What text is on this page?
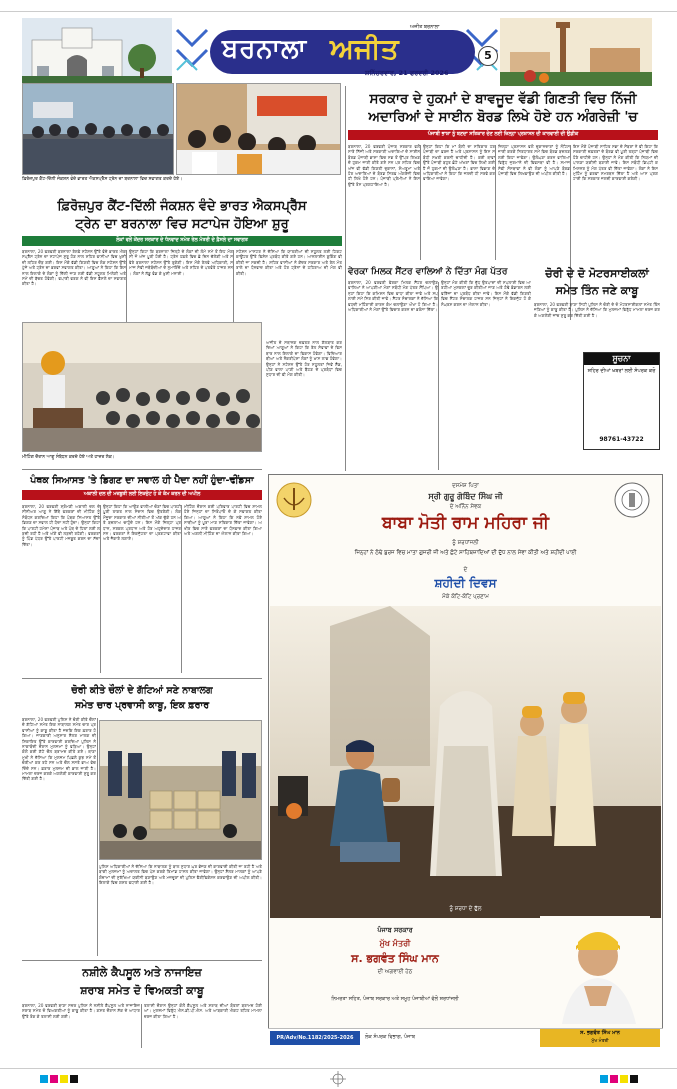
ਬਰਨਾਲਾ ਅਜੀਤ
ਅਜੀਤ ਬਰਨਾਲਾ
ਸ਼ਨਿੱਚਰਵਾਰ, 21 ਫਰਵਰੀ 2026
5
ਫ਼ਿਰੋਜ਼ਪੁਰ ਕੈਂਟ-ਦਿੱਲੀ ਜੰਕਸ਼ਨ ਵੰਦੇ ਭਾਰਤ ਐਕਸਪ੍ਰੈੱਸ ਟ੍ਰੇਨ ਦਾ ਬਰਨਾਲਾ ਵਿਚ ਸਵਾਗਤ ਕਰਦੇ ਹੋਏ।
ਫ਼ਿਰੋਜ਼ਪੁਰ ਕੈਂਟ-ਦਿੱਲੀ ਜੰਕਸ਼ਨ ਵੰਦੇ ਭਾਰਤ ਐਕਸਪ੍ਰੈੱਸ
ਟ੍ਰੇਨ ਦਾ ਬਰਨਾਲਾ ਵਿਚ ਸਟਾਪੇਜ ਹੋਇਆ ਸ਼ੁਰੂ
ਲੋਕਾਂ ਵਲੋਂ ਕੇਂਦਰ ਸਰਕਾਰ ਦੇ ਧੰਨਵਾਦ ਸਮੇਤ ਰੇਲ ਮੰਤਰੀ ਦੇ ਫ਼ੈਸਲੇ ਦਾ ਸਵਾਗਤ

ਬਰਨਾਲਾ, 20 ਫਰਵਰੀ ਬਰਨਾਲਾ ਰੇਲਵੇ ਸਟੇਸ਼ਨ ਉੱਤੇ ਵੰਦੇ ਭਾਰਤ ਐਕਸਪ੍ਰੈੱਸ ਟ੍ਰੇਨ ਦਾ ਸਟਾਪੇਜ ਸ਼ੁਰੂ ਹੋਣ ਨਾਲ ਸ਼ਹਿਰ ਵਾਸੀਆਂ ਵਿਚ ਖ਼ੁਸ਼ੀ ਦੀ ਲਹਿਰ ਦੌੜ ਗਈ। ਇਸ ਮੌਕੇ ਵੱਡੀ ਗਿਣਤੀ ਵਿਚ ਲੋਕ ਸਟੇਸ਼ਨ ਉੱਤੇ ਪੁੱਜੇ ਅਤੇ ਟ੍ਰੇਨ ਦਾ ਭਰਵਾਂ ਸਵਾਗਤ ਕੀਤਾ। ਆਗੂਆਂ ਨੇ ਕਿਹਾ ਕਿ ਇਸ ਨਾਲ ਇਲਾਕੇ ਦੇ ਲੋਕਾਂ ਨੂੰ ਦਿੱਲੀ ਜਾਣ ਲਈ ਵੱਡੀ ਸਹੂਲਤ ਮਿਲੇਗੀ ਅਤੇ ਸਮੇਂ ਦੀ ਬੱਚਤ ਹੋਵੇਗੀ। ਵਪਾਰੀ ਵਰਗ ਨੇ ਵੀ ਇਸ ਫ਼ੈਸਲੇ ਦਾ ਸਵਾਗਤ ਕੀਤਾ ਹੈ।

ਉਨ੍ਹਾਂ ਕਿਹਾ ਕਿ ਬਰਨਾਲਾ ਜ਼ਿਲ੍ਹੇ ਦੇ ਲੋਕਾਂ ਦੀ ਲੰਮੇ ਸਮੇਂ ਤੋਂ ਇਹ ਮੰਗ ਸੀ ਜੋ ਅੱਜ ਪੂਰੀ ਹੋਈ ਹੈ। ਟ੍ਰੇਨ ਹਫ਼ਤੇ ਵਿਚ ਛੇ ਦਿਨ ਚੱਲੇਗੀ ਅਤੇ ਸਵੇਰੇ ਬਰਨਾਲਾ ਸਟੇਸ਼ਨ ਉੱਤੇ ਰੁਕੇਗੀ। ਇਸ ਮੌਕੇ ਰੇਲਵੇ ਅਧਿਕਾਰੀ, ਸਮਾਜ ਸੇਵੀ ਜਥੇਬੰਦੀਆਂ ਦੇ ਨੁਮਾਇੰਦੇ ਅਤੇ ਸ਼ਹਿਰ ਦੇ ਪਤਵੰਤੇ ਹਾਜ਼ਰ ਸਨ। ਲੋਕਾਂ ਨੇ ਲੱਡੂ ਵੰਡ ਕੇ ਖ਼ੁਸ਼ੀ ਮਨਾਈ।

ਸਟੇਸ਼ਨ ਮਾਸਟਰ ਨੇ ਦੱਸਿਆ ਕਿ ਯਾਤਰੀਆਂ ਦੀ ਸਹੂਲਤ ਲਈ ਟਿਕਟ ਕਾਊਂਟਰ ਉੱਤੇ ਵਿਸ਼ੇਸ਼ ਪ੍ਰਬੰਧ ਕੀਤੇ ਗਏ ਹਨ। ਆਨਲਾਈਨ ਬੁਕਿੰਗ ਵੀ ਕੀਤੀ ਜਾ ਸਕਦੀ ਹੈ। ਸ਼ਹਿਰ ਵਾਸੀਆਂ ਨੇ ਕੇਂਦਰ ਸਰਕਾਰ ਅਤੇ ਰੇਲ ਮੰਤਰਾਲੇ ਦਾ ਧੰਨਵਾਦ ਕੀਤਾ ਅਤੇ ਹੋਰ ਟ੍ਰੇਨਾਂ ਦੇ ਠਹਿਰਾਅ ਦੀ ਮੰਗ ਵੀ ਕੀਤੀ।

ਮੀਟਿੰਗ ਦੌਰਾਨ ਆਗੂ ਸੰਬੋਧਨ ਕਰਦੇ ਹੋਏ ਅਤੇ ਹਾਜ਼ਰ ਲੋਕ।

ਅਜੀਤ ਦੇ ਸਥਾਨਕ ਦਫ਼ਤਰ ਨਾਲ ਗੱਲਬਾਤ ਕਰਦਿਆਂ ਆਗੂਆਂ ਨੇ ਕਿਹਾ ਕਿ ਰੇਲ ਸੇਵਾਵਾਂ ਦੇ ਵਿਸਥਾਰ ਨਾਲ ਇਲਾਕੇ ਦਾ ਵਿਕਾਸ ਹੋਵੇਗਾ। ਵਿਦਿਆਰਥੀਆਂ ਅਤੇ ਨੌਕਰੀਪੇਸ਼ਾ ਲੋਕਾਂ ਨੂੰ ਖ਼ਾਸ ਲਾਭ ਹੋਵੇਗਾ। ਉਨ੍ਹਾਂ ਨੇ ਸਟੇਸ਼ਨ ਉੱਤੇ ਹੋਰ ਸਹੂਲਤਾਂ ਜਿਵੇਂ ਸ਼ੈੱਡ, ਪੀਣ ਵਾਲਾ ਪਾਣੀ ਅਤੇ ਬੈਠਣ ਦੇ ਪ੍ਰਬੰਧਾਂ ਵਿਚ ਸੁਧਾਰ ਦੀ ਵੀ ਮੰਗ ਕੀਤੀ।

ਸਰਕਾਰ ਦੇ ਹੁਕਮਾਂ ਦੇ ਬਾਵਜੂਦ ਵੱਡੀ ਗਿਣਤੀ ਵਿਚ ਨਿੱਜੀ
ਅਦਾਰਿਆਂ ਦੇ ਸਾਈਨ ਬੋਰਡ ਲਿਖੇ ਹੋਏ ਹਨ ਅੰਗਰੇਜ਼ੀ 'ਚ
ਪੰਜਾਬੀ ਭਾਸ਼ਾ ਨੂੰ ਬਣਦਾ ਸਤਿਕਾਰ ਦੇਣ ਲਈ ਜ਼ਿਲ੍ਹਾ ਪ੍ਰਸ਼ਾਸਨ ਦੀ ਕਾਰਵਾਈ ਦੀ ਉਡੀਕ

ਬਰਨਾਲਾ, 20 ਫਰਵਰੀ ਪੰਜਾਬ ਸਰਕਾਰ ਵਲੋਂ ਸਾਰੇ ਨਿੱਜੀ ਅਤੇ ਸਰਕਾਰੀ ਅਦਾਰਿਆਂ ਦੇ ਸਾਈਨ ਬੋਰਡ ਪੰਜਾਬੀ ਭਾਸ਼ਾ ਵਿਚ ਸਭ ਤੋਂ ਉੱਪਰ ਲਿਖਣ ਦੇ ਹੁਕਮ ਜਾਰੀ ਕੀਤੇ ਗਏ ਸਨ ਪਰ ਸ਼ਹਿਰ ਵਿਚ ਅੱਜ ਵੀ ਵੱਡੀ ਗਿਣਤੀ ਦੁਕਾਨਾਂ, ਸ਼ੋਅਰੂਮਾਂ ਅਤੇ ਹੋਰ ਅਦਾਰਿਆਂ ਦੇ ਬੋਰਡ ਸਿਰਫ਼ ਅੰਗਰੇਜ਼ੀ ਵਿਚ ਹੀ ਲਿਖੇ ਹੋਏ ਹਨ। ਪੰਜਾਬੀ ਪ੍ਰੇਮੀਆਂ ਨੇ ਇਸ ਉੱਤੇ ਰੋਸ ਪ੍ਰਗਟਾਇਆ ਹੈ।

ਉਨ੍ਹਾਂ ਕਿਹਾ ਕਿ ਮਾਂ ਬੋਲੀ ਦਾ ਸਤਿਕਾਰ ਹਰ ਪੰਜਾਬੀ ਦਾ ਫ਼ਰਜ਼ ਹੈ ਅਤੇ ਪ੍ਰਸ਼ਾਸਨ ਨੂੰ ਇਸ ਸਬੰਧੀ ਸਖ਼ਤੀ ਕਰਨੀ ਚਾਹੀਦੀ ਹੈ। ਕਈ ਥਾਵਾਂ ਉੱਤੇ ਪੰਜਾਬੀ ਬਹੁਤ ਛੋਟੇ ਅੱਖਰਾਂ ਵਿਚ ਲਿਖੀ ਗਈ ਹੈ ਜੋ ਹੁਕਮਾਂ ਦੀ ਉਲੰਘਣਾ ਹੈ। ਭਾਸ਼ਾ ਵਿਭਾਗ ਦੇ ਅਧਿਕਾਰੀਆਂ ਨੇ ਕਿਹਾ ਕਿ ਜਲਦੀ ਹੀ ਸਰਵੇ ਕਰਵਾਇਆ ਜਾਵੇਗਾ।

ਜ਼ਿਲ੍ਹਾ ਪ੍ਰਸ਼ਾਸਨ ਵਲੋਂ ਦੁਕਾਨਦਾਰਾਂ ਨੂੰ ਨੋਟਿਸ ਜਾਰੀ ਕਰਕੇ ਨਿਰਧਾਰਤ ਸਮੇਂ ਵਿਚ ਬੋਰਡ ਬਦਲਣ ਲਈ ਕਿਹਾ ਜਾਵੇਗਾ। ਉਲੰਘਣਾ ਕਰਨ ਵਾਲਿਆਂ ਵਿਰੁੱਧ ਜੁਰਮਾਨੇ ਦੀ ਵਿਵਸਥਾ ਵੀ ਹੈ। ਸਮਾਜ ਸੇਵੀ ਸੰਸਥਾਵਾਂ ਨੇ ਵੀ ਲੋਕਾਂ ਨੂੰ ਆਪਣੇ ਬੋਰਡ ਪੰਜਾਬੀ ਵਿਚ ਲਿਖਵਾਉਣ ਦੀ ਅਪੀਲ ਕੀਤੀ ਹੈ।

ਇਸ ਮੌਕੇ ਪੰਜਾਬੀ ਸਾਹਿਤ ਸਭਾ ਦੇ ਮੈਂਬਰਾਂ ਨੇ ਵੀ ਕਿਹਾ ਕਿ ਸਰਕਾਰੀ ਦਫ਼ਤਰਾਂ ਦੇ ਬੋਰਡ ਵੀ ਪੂਰੀ ਤਰ੍ਹਾਂ ਪੰਜਾਬੀ ਵਿਚ ਹੋਣੇ ਚਾਹੀਦੇ ਹਨ। ਉਨ੍ਹਾਂ ਨੇ ਮੰਗ ਕੀਤੀ ਕਿ ਨਿਯਮਾਂ ਦੀ ਪਾਲਣਾ ਯਕੀਨੀ ਬਣਾਈ ਜਾਵੇ। ਇਸ ਸਬੰਧੀ ਡਿਪਟੀ ਕਮਿਸ਼ਨਰ ਨੂੰ ਮੰਗ ਪੱਤਰ ਵੀ ਦਿੱਤਾ ਜਾਵੇਗਾ। ਲੋਕਾਂ ਨੇ ਇਸ ਮੁਹਿੰਮ ਨੂੰ ਭਰਵਾਂ ਸਮਰਥਨ ਦਿੱਤਾ ਹੈ ਅਤੇ ਆਸ ਪ੍ਰਗਟਾਈ ਕਿ ਸਰਕਾਰ ਜਲਦੀ ਕਾਰਵਾਈ ਕਰੇਗੀ।

ਵੇਰਕਾ ਮਿਲਕ ਸੈਂਟਰ ਵਾਲਿਆਂ ਨੇ ਦਿੱਤਾ ਮੰਗ ਪੱਤਰ

ਬਰਨਾਲਾ, 20 ਫਰਵਰੀ ਵੇਰਕਾ ਮਿਲਕ ਸੈਂਟਰ ਚਲਾਉਣ ਵਾਲਿਆਂ ਨੇ ਆਪਣੀਆਂ ਮੰਗਾਂ ਸਬੰਧੀ ਮੰਗ ਪੱਤਰ ਸੌਂਪਿਆ। ਉਨ੍ਹਾਂ ਕਿਹਾ ਕਿ ਕਮਿਸ਼ਨ ਵਿਚ ਵਾਧਾ ਕੀਤਾ ਜਾਵੇ ਅਤੇ ਸਪਲਾਈ ਸਮੇਂ ਸਿਰ ਕੀਤੀ ਜਾਵੇ। ਸੈਂਟਰ ਸੰਚਾਲਕਾਂ ਨੇ ਦੱਸਿਆ ਕਿ ਵਧਦੀ ਮਹਿੰਗਾਈ ਕਾਰਨ ਕੰਮ ਚਲਾਉਣਾ ਔਖਾ ਹੋ ਗਿਆ ਹੈ। ਅਧਿਕਾਰੀਆਂ ਨੇ ਮੰਗਾਂ ਉੱਤੇ ਵਿਚਾਰ ਕਰਨ ਦਾ ਭਰੋਸਾ ਦਿੱਤਾ।

ਉਨ੍ਹਾਂ ਮੰਗ ਕੀਤੀ ਕਿ ਦੁੱਧ ਉਤਪਾਦਾਂ ਦੀ ਸਪਲਾਈ ਵਿਚ ਆ ਰਹੀਆਂ ਮੁਸ਼ਕਲਾਂ ਦੂਰ ਕੀਤੀਆਂ ਜਾਣ ਅਤੇ ਠੰਢੇ ਭੰਡਾਰਨ ਲਈ ਫਰਿੱਜਾਂ ਦਾ ਪ੍ਰਬੰਧ ਕੀਤਾ ਜਾਵੇ। ਇਸ ਮੌਕੇ ਵੱਡੀ ਗਿਣਤੀ ਵਿਚ ਸੈਂਟਰ ਸੰਚਾਲਕ ਹਾਜ਼ਰ ਸਨ ਜਿਨ੍ਹਾਂ ਨੇ ਇਕਜੁੱਟ ਹੋ ਕੇ ਸੰਘਰਸ਼ ਕਰਨ ਦਾ ਐਲਾਨ ਕੀਤਾ।

ਚੋਰੀ ਦੇ ਦੋ ਮੋਟਰਸਾਈਕਲਾਂ
ਸਮੇਤ ਤਿੰਨ ਜਣੇ ਕਾਬੂ

ਬਰਨਾਲਾ, 20 ਫਰਵਰੀ ਥਾਣਾ ਸਿਟੀ ਪੁਲਿਸ ਨੇ ਚੋਰੀ ਦੇ ਦੋ ਮੋਟਰਸਾਈਕਲਾਂ ਸਮੇਤ ਤਿੰਨ ਜਣਿਆਂ ਨੂੰ ਕਾਬੂ ਕੀਤਾ ਹੈ। ਪੁਲਿਸ ਨੇ ਦੱਸਿਆ ਕਿ ਮੁਲਜ਼ਮਾਂ ਵਿਰੁੱਧ ਮਾਮਲਾ ਦਰਜ ਕਰਕੇ ਅਗਲੇਰੀ ਜਾਂਚ ਸ਼ੁਰੂ ਕਰ ਦਿੱਤੀ ਗਈ ਹੈ।

ਸੂਚਨਾ
ਸ਼ਹਿਰ ਦੀਆਂ ਖ਼ਬਰਾਂ ਲਈ ਸੰਪਰਕ ਕਰੋ
98761-43722
ਪੰਥਕ ਸਿਆਸਤ 'ਤੇ ਡਿਗਣ ਦਾ ਸਵਾਲ ਹੀ ਪੈਦਾ ਨਹੀਂ ਹੁੰਦਾ-ਢੀਂਡਸਾ
ਅਕਾਲੀ ਦਲ ਦੀ ਮਜ਼ਬੂਤੀ ਲਈ ਇਕਜੁੱਟ ਹੋ ਕੇ ਕੰਮ ਕਰਨ ਦੀ ਅਪੀਲ

ਬਰਨਾਲਾ, 20 ਫਰਵਰੀ ਸ਼੍ਰੋਮਣੀ ਅਕਾਲੀ ਦਲ ਦੇ ਸੀਨੀਅਰ ਆਗੂ ਨੇ ਇੱਥੇ ਵਰਕਰਾਂ ਦੀ ਮੀਟਿੰਗ ਨੂੰ ਸੰਬੋਧਨ ਕਰਦਿਆਂ ਕਿਹਾ ਕਿ ਪੰਥਕ ਸਿਆਸਤ ਉੱਤੇ ਡਿਗਣ ਦਾ ਸਵਾਲ ਹੀ ਪੈਦਾ ਨਹੀਂ ਹੁੰਦਾ। ਉਨ੍ਹਾਂ ਕਿਹਾ ਕਿ ਪਾਰਟੀ ਹਮੇਸ਼ਾ ਪੰਜਾਬ ਅਤੇ ਪੰਥ ਦੇ ਹਿਤਾਂ ਲਈ ਲੜਦੀ ਰਹੀ ਹੈ ਅਤੇ ਅੱਗੇ ਵੀ ਲੜਦੀ ਰਹੇਗੀ। ਵਰਕਰਾਂ ਨੂੰ ਪਿੰਡ ਪੱਧਰ ਉੱਤੇ ਪਾਰਟੀ ਮਜ਼ਬੂਤ ਕਰਨ ਦਾ ਸੱਦਾ ਦਿੱਤਾ।

ਉਨ੍ਹਾਂ ਕਿਹਾ ਕਿ ਆਉਣ ਵਾਲੀਆਂ ਚੋਣਾਂ ਵਿਚ ਪਾਰਟੀ ਪੂਰੀ ਤਾਕਤ ਨਾਲ ਮੈਦਾਨ ਵਿਚ ਉਤਰੇਗੀ। ਲੋਕ ਮੌਜੂਦਾ ਸਰਕਾਰ ਦੀਆਂ ਨੀਤੀਆਂ ਤੋਂ ਅੱਕ ਚੁੱਕੇ ਹਨ ਅਤੇ ਬਦਲਾਅ ਚਾਹੁੰਦੇ ਹਨ। ਇਸ ਮੌਕੇ ਜ਼ਿਲ੍ਹਾ ਪ੍ਰਧਾਨ, ਸਰਕਲ ਪ੍ਰਧਾਨ ਅਤੇ ਹੋਰ ਅਹੁਦੇਦਾਰ ਹਾਜ਼ਰ ਸਨ। ਵਰਕਰਾਂ ਨੇ ਇਕਜੁੱਟਤਾ ਦਾ ਪ੍ਰਗਟਾਵਾ ਕੀਤਾ ਅਤੇ ਜੈਕਾਰੇ ਲਗਾਏ।

ਮੀਟਿੰਗ ਦੌਰਾਨ ਕਈ ਪਰਿਵਾਰ ਪਾਰਟੀ ਵਿਚ ਸ਼ਾਮਲ ਹੋਏ ਜਿਨ੍ਹਾਂ ਦਾ ਸਿਰੋਪਾਓ ਦੇ ਕੇ ਸਵਾਗਤ ਕੀਤਾ ਗਿਆ। ਆਗੂਆਂ ਨੇ ਕਿਹਾ ਕਿ ਨਵੇਂ ਸ਼ਾਮਲ ਹੋਏ ਸਾਥੀਆਂ ਨੂੰ ਪੂਰਾ ਮਾਣ ਸਤਿਕਾਰ ਦਿੱਤਾ ਜਾਵੇਗਾ। ਅਖੀਰ ਵਿਚ ਸਾਰੇ ਵਰਕਰਾਂ ਦਾ ਧੰਨਵਾਦ ਕੀਤਾ ਗਿਆ ਅਤੇ ਅਗਲੀ ਮੀਟਿੰਗ ਦਾ ਐਲਾਨ ਕੀਤਾ ਗਿਆ।

ਚੋਰੀ ਕੀਤੇ ਚੌਲਾਂ ਦੇ ਗੱਟਿਆਂ ਸਣੇ ਨਾਬਾਲਗ
ਸਮੇਤ ਚਾਰ ਪ੍ਰਵਾਸੀ ਕਾਬੂ, ਇਕ ਫ਼ਰਾਰ

ਬਰਨਾਲਾ, 20 ਫਰਵਰੀ ਪੁਲਿਸ ਨੇ ਚੋਰੀ ਕੀਤੇ ਚੌਲਾਂ ਦੇ ਗੱਟਿਆਂ ਸਮੇਤ ਇਕ ਨਾਬਾਲਗ ਸਮੇਤ ਚਾਰ ਪ੍ਰਵਾਸੀਆਂ ਨੂੰ ਕਾਬੂ ਕੀਤਾ ਹੈ ਜਦਕਿ ਇਕ ਫ਼ਰਾਰ ਹੋ ਗਿਆ। ਜਾਣਕਾਰੀ ਅਨੁਸਾਰ ਸ਼ੈਲਰ ਮਾਲਕ ਦੀ ਸ਼ਿਕਾਇਤ ਉੱਤੇ ਕਾਰਵਾਈ ਕਰਦਿਆਂ ਪੁਲਿਸ ਨੇ ਨਾਕਾਬੰਦੀ ਦੌਰਾਨ ਮੁਲਜ਼ਮਾਂ ਨੂੰ ਫੜਿਆ। ਉਨ੍ਹਾਂ ਕੋਲੋਂ ਕਈ ਗੱਟੇ ਚੌਲ ਬਰਾਮਦ ਕੀਤੇ ਗਏ। ਥਾਣਾ ਮੁਖੀ ਨੇ ਦੱਸਿਆ ਕਿ ਮੁਲਜ਼ਮ ਪਿਛਲੇ ਕੁਝ ਸਮੇਂ ਤੋਂ ਚੋਰੀਆਂ ਕਰ ਰਹੇ ਸਨ ਅਤੇ ਚੌਲ ਸਸਤੇ ਭਾਅ ਵੇਚ ਦਿੰਦੇ ਸਨ। ਫ਼ਰਾਰ ਮੁਲਜ਼ਮ ਦੀ ਭਾਲ ਜਾਰੀ ਹੈ। ਮਾਮਲਾ ਦਰਜ ਕਰਕੇ ਅਗਲੇਰੀ ਕਾਰਵਾਈ ਸ਼ੁਰੂ ਕਰ ਦਿੱਤੀ ਗਈ ਹੈ।

ਪੁਲਿਸ ਅਧਿਕਾਰੀਆਂ ਨੇ ਦੱਸਿਆ ਕਿ ਨਾਬਾਲਗ ਨੂੰ ਬਾਲ ਸੁਧਾਰ ਘਰ ਭੇਜਣ ਦੀ ਕਾਰਵਾਈ ਕੀਤੀ ਜਾ ਰਹੀ ਹੈ ਅਤੇ ਬਾਕੀ ਮੁਲਜ਼ਮਾਂ ਨੂੰ ਅਦਾਲਤ ਵਿਚ ਪੇਸ਼ ਕਰਕੇ ਰਿਮਾਂਡ ਹਾਸਲ ਕੀਤਾ ਜਾਵੇਗਾ। ਉਨ੍ਹਾਂ ਸ਼ੈਲਰ ਮਾਲਕਾਂ ਨੂੰ ਆਪਣੇ ਗੋਦਾਮਾਂ ਦੀ ਸੁਰੱਖਿਆ ਯਕੀਨੀ ਬਣਾਉਣ ਅਤੇ ਮਜ਼ਦੂਰਾਂ ਦੀ ਪੁਲਿਸ ਵੈਰੀਫਿਕੇਸ਼ਨ ਕਰਵਾਉਣ ਦੀ ਅਪੀਲ ਕੀਤੀ। ਇਲਾਕੇ ਵਿਚ ਗਸ਼ਤ ਵਧਾਈ ਗਈ ਹੈ।

ਨਸ਼ੀਲੇ ਕੈਪਸੂਲ ਅਤੇ ਨਾਜਾਇਜ਼
ਸ਼ਰਾਬ ਸਮੇਤ ਦੋ ਵਿਅਕਤੀ ਕਾਬੂ

ਬਰਨਾਲਾ, 20 ਫਰਵਰੀ ਥਾਣਾ ਸਦਰ ਪੁਲਿਸ ਨੇ ਨਸ਼ੀਲੇ ਕੈਪਸੂਲ ਅਤੇ ਨਾਜਾਇਜ਼ ਸ਼ਰਾਬ ਸਮੇਤ ਦੋ ਵਿਅਕਤੀਆਂ ਨੂੰ ਕਾਬੂ ਕੀਤਾ ਹੈ। ਗਸ਼ਤ ਦੌਰਾਨ ਸ਼ੱਕ ਦੇ ਆਧਾਰ ਉੱਤੇ ਰੋਕ ਕੇ ਤਲਾਸ਼ੀ ਲਈ ਗਈ।

ਤਲਾਸ਼ੀ ਦੌਰਾਨ ਉਨ੍ਹਾਂ ਕੋਲੋਂ ਕੈਪਸੂਲ ਅਤੇ ਸ਼ਰਾਬ ਦੀਆਂ ਬੋਤਲਾਂ ਬਰਾਮਦ ਹੋਈਆਂ। ਮੁਲਜ਼ਮਾਂ ਵਿਰੁੱਧ ਐਨ.ਡੀ.ਪੀ.ਐਸ. ਅਤੇ ਆਬਕਾਰੀ ਐਕਟ ਤਹਿਤ ਮਾਮਲਾ ਦਰਜ ਕੀਤਾ ਗਿਆ ਹੈ।

ਦਸਮੇਸ਼ ਪਿਤਾ
ਸ੍ਰੀ ਗੁਰੂ ਗੋਬਿੰਦ ਸਿੰਘ ਜੀ
ਦੇ ਅਨਿੰਨ ਸੇਵਕ
ਬਾਬਾ ਮੋਤੀ ਰਾਮ ਮਹਿਰਾ ਜੀ
ਨੂੰ ਸ਼ਰਧਾਂਜਲੀ
ਜਿਨ੍ਹਾਂ ਨੇ ਠੰਢੇ ਬੁਰਜ ਵਿਚ ਮਾਤਾ ਗੁਜਰੀ ਜੀ ਅਤੇ ਛੋਟੇ ਸਾਹਿਬਜ਼ਾਦਿਆਂ ਦੀ ਦੁੱਧ ਨਾਲ ਸੇਵਾ ਕੀਤੀ ਅਤੇ ਸ਼ਹੀਦੀ ਪਾਈ
ਦੇ
ਸ਼ਹੀਦੀ ਦਿਵਸ
ਮੌਕੇ ਕੋਟਿ-ਕੋਟਿ ਪ੍ਰਣਾਮ
ਨੂੰ ਸ਼ਰਧਾ ਦੇ ਫੁੱਲ
ਪੰਜਾਬ ਸਰਕਾਰ
ਮੁੱਖ ਮੰਤਰੀ
ਸ. ਭਗਵੰਤ ਸਿੰਘ ਮਾਨ
ਦੀ ਅਗਵਾਈ ਹੇਠ
ਨਿਮਰਤਾ ਸਹਿਤ, ਪੰਜਾਬ ਸਰਕਾਰ ਅਤੇ ਸਮੂਹ ਪੰਜਾਬੀਆਂ ਵੱਲੋਂ ਸ਼ਰਧਾਂਜਲੀ
PR/Adv/No.1182/2025-2026	ਲੋਕ ਸੰਪਰਕ ਵਿਭਾਗ, ਪੰਜਾਬ
ਸ. ਭਗਵੰਤ ਸਿੰਘ ਮਾਨ
ਮੁੱਖ ਮੰਤਰੀ
